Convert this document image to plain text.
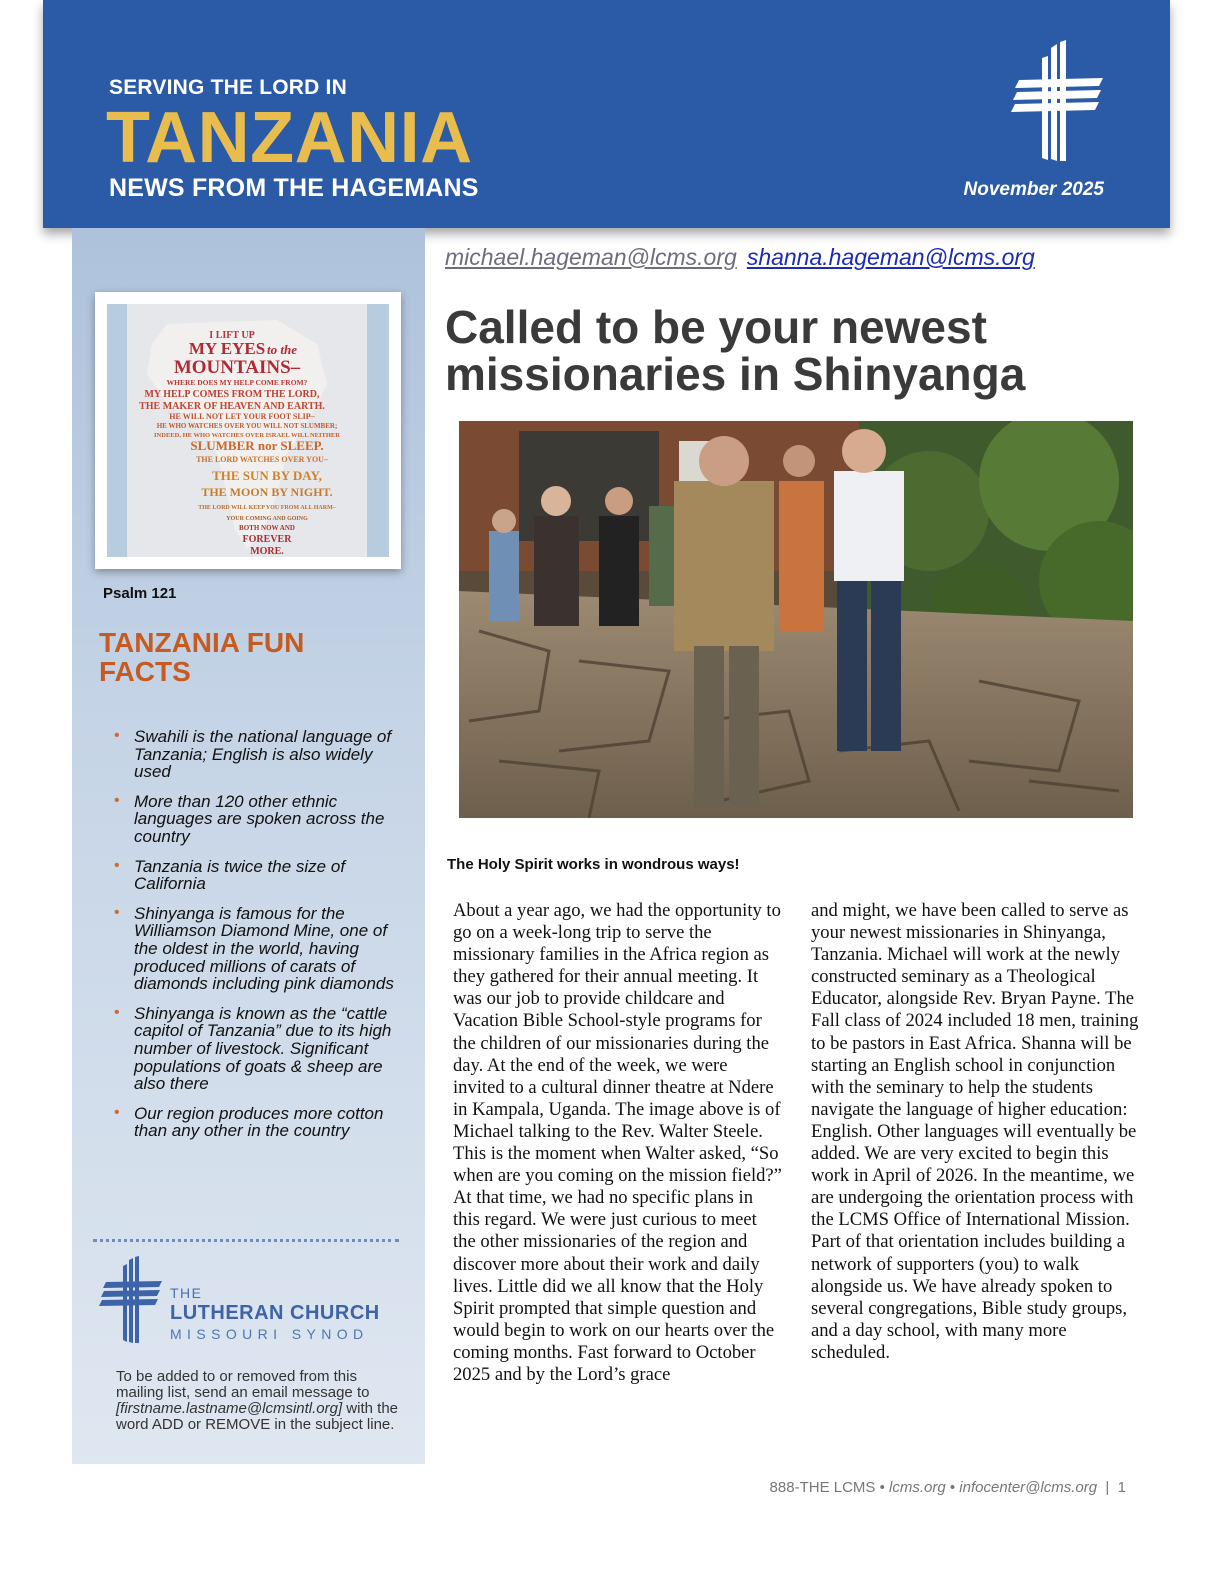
SERVING THE LORD IN
TANZANIA
NEWS FROM THE HAGEMANS	November 2025
I LIFT UP
MY EYES to the
MOUNTAINS–
WHERE DOES MY HELP COME FROM?
MY HELP COMES FROM THE LORD,
THE MAKER OF HEAVEN AND EARTH.
HE WILL NOT LET YOUR FOOT SLIP–
HE WHO WATCHES OVER YOU WILL NOT SLUMBER;
INDEED, HE WHO WATCHES OVER ISRAEL WILL NEITHER
SLUMBER nor SLEEP.
THE LORD WATCHES OVER YOU–
THE SUN BY DAY,
THE MOON BY NIGHT.
THE LORD WILL KEEP YOU FROM ALL HARM–
YOUR COMING AND GOING
BOTH NOW AND
FOREVER
MORE.
Psalm 121
TANZANIA FUN FACTS
• Swahili is the national language of Tanzania; English is also widely used
• More than 120 other ethnic languages are spoken across the country
• Tanzania is twice the size of California
• Shinyanga is famous for the Williamson Diamond Mine, one of the oldest in the world, having produced millions of carats of diamonds including pink diamonds
• Shinyanga is known as the “cattle capitol of Tanzania” due to its high number of livestock. Significant populations of goats & sheep are also there
• Our region produces more cotton than any other in the country
THE
LUTHERAN CHURCH
MISSOURI SYNOD
To be added to or removed from this mailing list, send an email message to [firstname.lastname@lcmsintl.org] with the word ADD or REMOVE in the subject line.
michael.hageman@lcms.org shanna.hageman@lcms.org
Called to be your newest missionaries in Shinyanga
The Holy Spirit works in wondrous ways!
About a year ago, we had the opportunity to go on a week-long trip to serve the missionary families in the Africa region as they gathered for their annual meeting. It was our job to provide childcare and Vacation Bible School-style programs for the children of our missionaries during the day. At the end of the week, we were invited to a cultural dinner theatre at Ndere in Kampala, Uganda. The image above is of Michael talking to the Rev. Walter Steele. This is the moment when Walter asked, “So when are you coming on the mission field?” At that time, we had no specific plans in this regard. We were just curious to meet the other missionaries of the region and discover more about their work and daily lives. Little did we all know that the Holy Spirit prompted that simple question and would begin to work on our hearts over the coming months. Fast forward to October 2025 and by the Lord’s grace
and might, we have been called to serve as your newest missionaries in Shinyanga, Tanzania. Michael will work at the newly constructed seminary as a Theological Educator, alongside Rev. Bryan Payne. The Fall class of 2024 included 18 men, training to be pastors in East Africa. Shanna will be starting an English school in conjunction with the seminary to help the students navigate the language of higher education: English. Other languages will eventually be added. We are very excited to begin this work in April of 2026. In the meantime, we are undergoing the orientation process with the LCMS Office of International Mission. Part of that orientation includes building a network of supporters (you) to walk alongside us. We have already spoken to several congregations, Bible study groups, and a day school, with many more scheduled.
888-THE LCMS • lcms.org • infocenter@lcms.org  |  1
